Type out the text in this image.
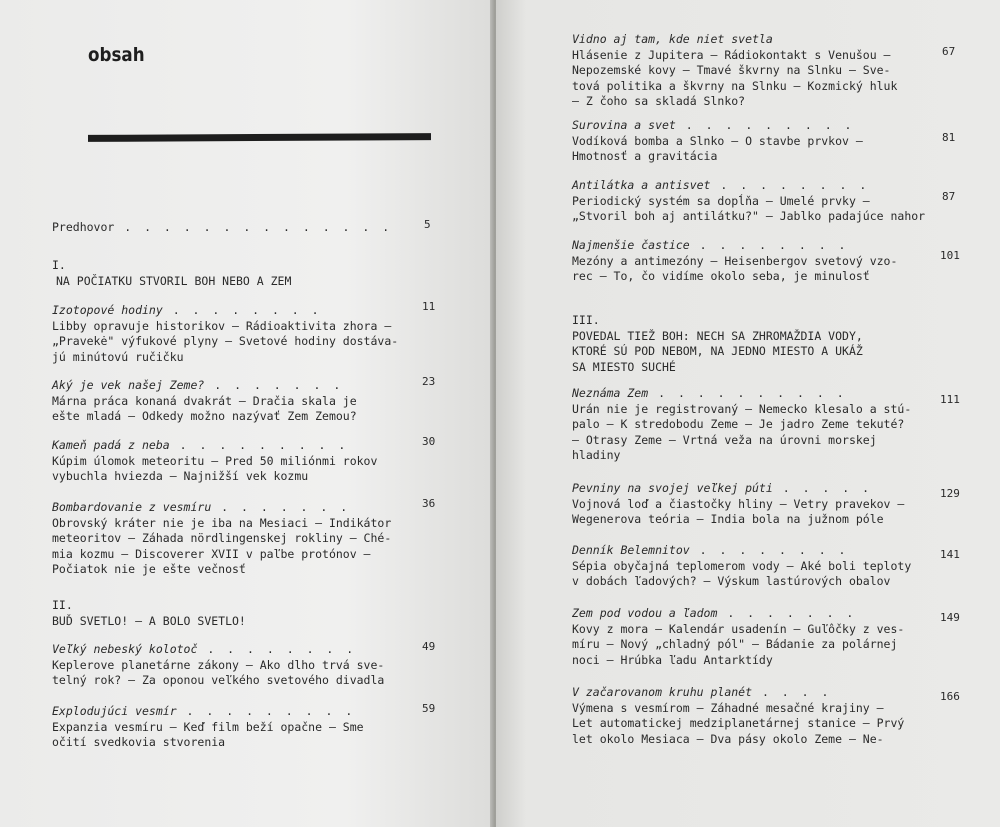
obsah
Predhovor . . . . . . . . . . . . . .	5
I.
NA POČIATKU STVORIL BOH NEBO A ZEM
Izotopové hodiny . . . . . . . .
Libby opravuje historikov — Rádioaktivita zhora —
„Pravekė" výfukové plyny — Svetové hodiny dostáva-
jú minútovú ručičku
11
Aký je vek našej Zeme? . . . . . . .
Márna práca konaná dvakrát — Dračia skala je
ešte mladá — Odkedy možno nazývať Zem Zemou?
23
Kameň padá z neba . . . . . . . . .
Kúpim úlomok meteoritu — Pred 50 miliónmi rokov
vybuchla hviezda — Najnižší vek kozmu
30
Bombardovanie z vesmíru . . . . . . .
Obrovský kráter nie je iba na Mesiaci — Indikátor
meteoritov — Záhada nördlingenskej rokliny — Ché-
mia kozmu — Discoverer XVII v paľbe protónov —
Počiatok nie je ešte večnosť
36
II.
BUĎ SVETLO! — A BOLO SVETLO!
Veľký nebeský kolotoč . . . . . . . .
Keplerove planetárne zákony — Ako dlho trvá sve-
telný rok? — Za oponou veľkého svetového divadla
49
Explodujúci vesmír . . . . . . . . .
Expanzia vesmíru — Keď film beží opačne — Sme
očití svedkovia stvorenia
59
Vidno aj tam, kde niet svetla
Hlásenie z Jupitera — Rádiokontakt s Venušou —
Nepozemské kovy — Tmavé škvrny na Slnku — Sve-
tová politika a škvrny na Slnku — Kozmický hluk
— Z čoho sa skladá Slnko?
67
Surovina a svet . . . . . . . . .
Vodíková bomba a Slnko — O stavbe prvkov —
Hmotnosť a gravitácia
81
Antilátka a antisvet . . . . . . . .
Periodický systém sa dopĺňa — Umelé prvky —
„Stvoril boh aj antilátku?" — Jablko padajúce nahor
87
Najmenšie častice . . . . . . . .
Mezóny a antimezóny — Heisenbergov svetový vzo-
rec — To, čo vidíme okolo seba, je minulosť
101
III.
POVEDAL TIEŽ BOH: NECH SA ZHROMAŽDIA VODY,
KTORÉ SÚ POD NEBOM, NA JEDNO MIESTO A UKÁŽ
SA MIESTO SUCHÉ
Neznáma Zem . . . . . . . . . .
Urán nie je registrovaný — Nemecko klesalo a stú-
palo — K stredobodu Zeme — Je jadro Zeme tekuté?
— Otrasy Zeme — Vrtná veža na úrovni morskej
hladiny
111
Pevniny na svojej veľkej púti . . . . .
Vojnová loď a čiastočky hliny — Vetry pravekov —
Wegenerova teória — India bola na južnom póle
129
Denník Belemnitov . . . . . . . .
Sépia obyčajná teplomerom vody — Aké boli teploty
v dobách ľadových? — Výskum lastúrových obalov
141
Zem pod vodou a ľadom . . . . . . .
Kovy z mora — Kalendár usadenín — Guľôčky z ves-
míru — Nový „chladný pól" — Bádanie za polárnej
noci — Hrúbka ľadu Antarktídy
149
V začarovanom kruhu planét . . . .
Výmena s vesmírom — Záhadné mesačné krajiny —
Let automatickej medziplanetárnej stanice — Prvý
let okolo Mesiaca — Dva pásy okolo Zeme — Ne-
166
